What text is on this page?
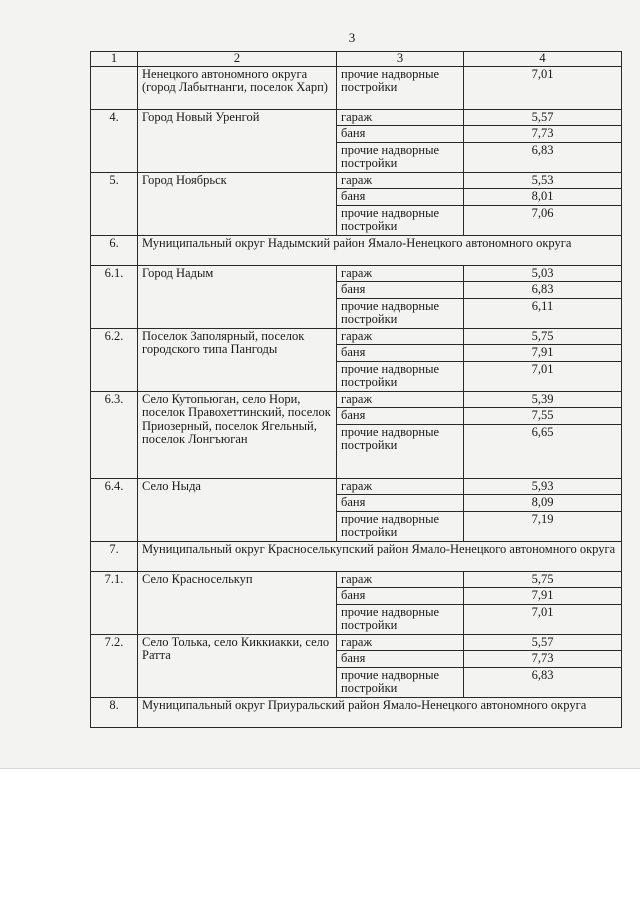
3
1	2	3	4
	Ненецкого автономного округа (город Лабытнанги, поселок Харп)	прочие надворные постройки	7,01
4.	Город Новый Уренгой	гараж	5,57
		баня	7,73
		прочие надворные постройки	6,83
5.	Город Ноябрьск	гараж	5,53
		баня	8,01
		прочие надворные постройки	7,06
6.	Муниципальный округ Надымский район Ямало-Ненецкого автономного округа		
6.1.	Город Надым	гараж	5,03
		баня	6,83
		прочие надворные постройки	6,11
6.2.	Поселок Заполярный, поселок городского типа Пангоды	гараж	5,75
		баня	7,91
		прочие надворные постройки	7,01
6.3.	Село Кутопьюган, село Нори, поселок Правохеттинский, поселок Приозерный, поселок Ягельный, поселок Лонгъюган	гараж	5,39
		баня	7,55
		прочие надворные постройки	6,65
6.4.	Село Ныда	гараж	5,93
		баня	8,09
		прочие надворные постройки	7,19
7.	Муниципальный округ Красноселькупский район Ямало-Ненецкого автономного округа		
7.1.	Село Красноселькуп	гараж	5,75
		баня	7,91
		прочие надворные постройки	7,01
7.2.	Село Толька, село Киккиакки, село Ратта	гараж	5,57
		баня	7,73
		прочие надворные постройки	6,83
8.	Муниципальный округ Приуральский район Ямало-Ненецкого автономного округа		
